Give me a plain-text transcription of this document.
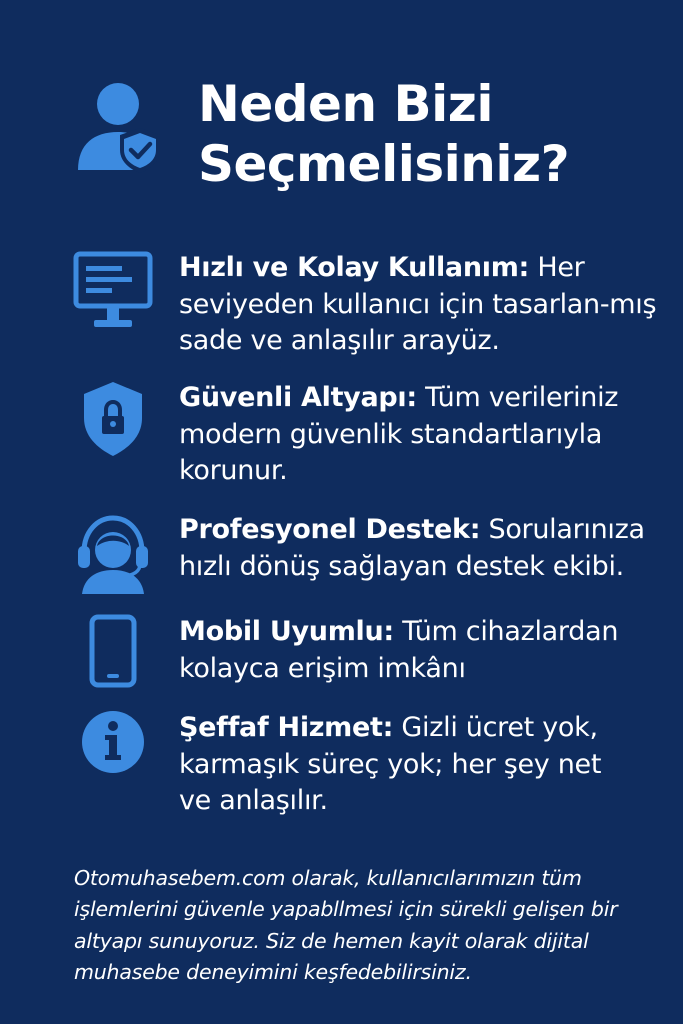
Neden Bizi
Seçmelisiniz?
Hızlı ve Kolay Kullanım: Her seviyeden kullanıcı için tasarlan-mış sade ve anlaşılır arayüz.
Güvenli Altyapı: Tüm verileriniz modern güvenlik standartlarıyla korunur.
Profesyonel Destek: Sorularınıza hızlı dönüş sağlayan destek ekibi.
Mobil Uyumlu: Tüm cihazlardan kolayca erişim imkânı
Şeffaf Hizmet: Gizli ücret yok, karmaşık süreç yok; her şey net ve anlaşılır.

Otomuhasebem.com olarak, kullanıcılarımızın tüm işlemlerini güvenle yapabllmesi için sürekli gelişen bir altyapı sunuyoruz. Siz de hemen kayit olarak dijital muhasebe deneyimini keşfedebilirsiniz.
